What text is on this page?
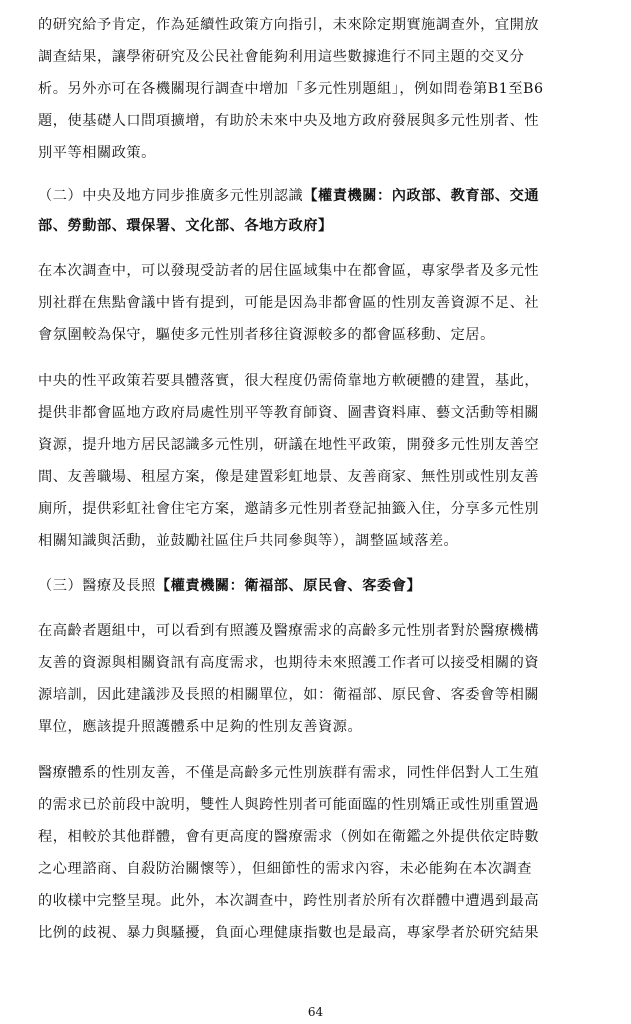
的研究給予肯定，作為延續性政策方向指引，未來除定期實施調查外，宜開放

調查結果，讓學術研究及公民社會能夠利用這些數據進行不同主題的交叉分

析。另外亦可在各機關現行調查中增加「多元性別題組」，例如問卷第B1至B6

題，使基礎人口問項擴增，有助於未來中央及地方政府發展與多元性別者、性

別平等相關政策。

（二）中央及地方同步推廣多元性別認識【權責機關：內政部、教育部、交通
部、勞動部、環保署、文化部、各地方政府】

在本次調查中，可以發現受訪者的居住區域集中在都會區，專家學者及多元性

別社群在焦點會議中皆有提到，可能是因為非都會區的性別友善資源不足、社

會氛圍較為保守，驅使多元性別者移往資源較多的都會區移動、定居。

中央的性平政策若要具體落實，很大程度仍需倚靠地方軟硬體的建置，基此，

提供非都會區地方政府局處性別平等教育師資、圖書資料庫、藝文活動等相關

資源，提升地方居民認識多元性別，研議在地性平政策，開發多元性別友善空

間、友善職場、租屋方案，像是建置彩虹地景、友善商家、無性別或性別友善

廁所，提供彩虹社會住宅方案，邀請多元性別者登記抽籤入住，分享多元性別

相關知識與活動，並鼓勵社區住戶共同參與等），調整區域落差。

（三）醫療及長照【權責機關：衛福部、原民會、客委會】

在高齡者題組中，可以看到有照護及醫療需求的高齡多元性別者對於醫療機構

友善的資源與相關資訊有高度需求，也期待未來照護工作者可以接受相關的資

源培訓，因此建議涉及長照的相關單位，如：衛福部、原民會、客委會等相關

單位，應該提升照護體系中足夠的性別友善資源。

醫療體系的性別友善，不僅是高齡多元性別族群有需求，同性伴侶對人工生殖

的需求已於前段中說明，雙性人與跨性別者可能面臨的性別矯正或性別重置過

程，相較於其他群體，會有更高度的醫療需求（例如在衛鑑之外提供依定時數

之心理諮商、自殺防治關懷等），但細節性的需求內容，未必能夠在本次調查

的收樣中完整呈現。此外，本次調查中，跨性別者於所有次群體中遭遇到最高

比例的歧視、暴力與騷擾，負面心理健康指數也是最高，專家學者於研究結果

64
